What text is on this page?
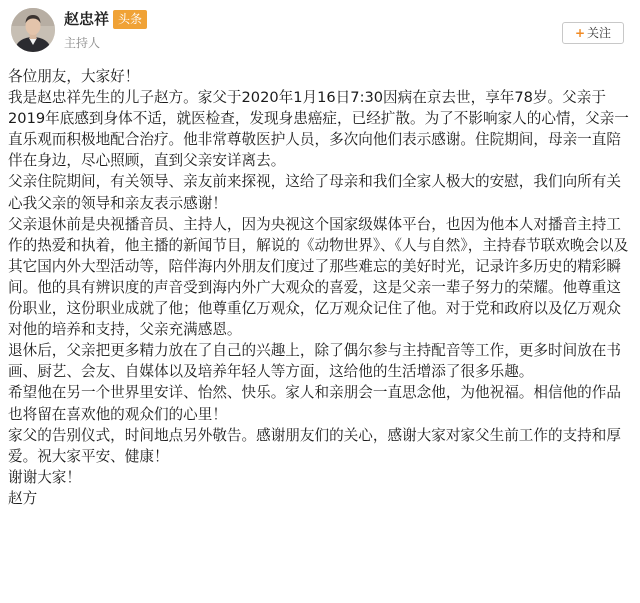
赵忠祥 头条
主持人
+ 关注

各位朋友，大家好！

我是赵忠祥先生的儿子赵方。家父于2020年1月16日7:30因病在京去世，享年78岁。父亲于2019年底感到身体不适，就医检查，发现身患癌症，已经扩散。为了不影响家人的心情，父亲一直乐观而积极地配合治疗。他非常尊敬医护人员，多次向他们表示感谢。住院期间，母亲一直陪伴在身边，尽心照顾，直到父亲安详离去。

父亲住院期间，有关领导、亲友前来探视，这给了母亲和我们全家人极大的安慰，我们向所有关心我父亲的领导和亲友表示感谢！

父亲退休前是央视播音员、主持人，因为央视这个国家级媒体平台，也因为他本人对播音主持工作的热爱和执着，他主播的新闻节目，解说的《动物世界》、《人与自然》，主持春节联欢晚会以及其它国内外大型活动等，陪伴海内外朋友们度过了那些难忘的美好时光，记录许多历史的精彩瞬间。他的具有辨识度的声音受到海内外广大观众的喜爱，这是父亲一辈子努力的荣耀。他尊重这份职业，这份职业成就了他；他尊重亿万观众，亿万观众记住了他。对于党和政府以及亿万观众对他的培养和支持，父亲充满感恩。

退休后，父亲把更多精力放在了自己的兴趣上，除了偶尔参与主持配音等工作，更多时间放在书画、厨艺、会友、自媒体以及培养年轻人等方面，这给他的生活增添了很多乐趣。

希望他在另一个世界里安详、怡然、快乐。家人和亲朋会一直思念他，为他祝福。相信他的作品也将留在喜欢他的观众们的心里！

家父的告别仪式，时间地点另外敬告。感谢朋友们的关心，感谢大家对家父生前工作的支持和厚爱。祝大家平安、健康！

谢谢大家！

赵方
